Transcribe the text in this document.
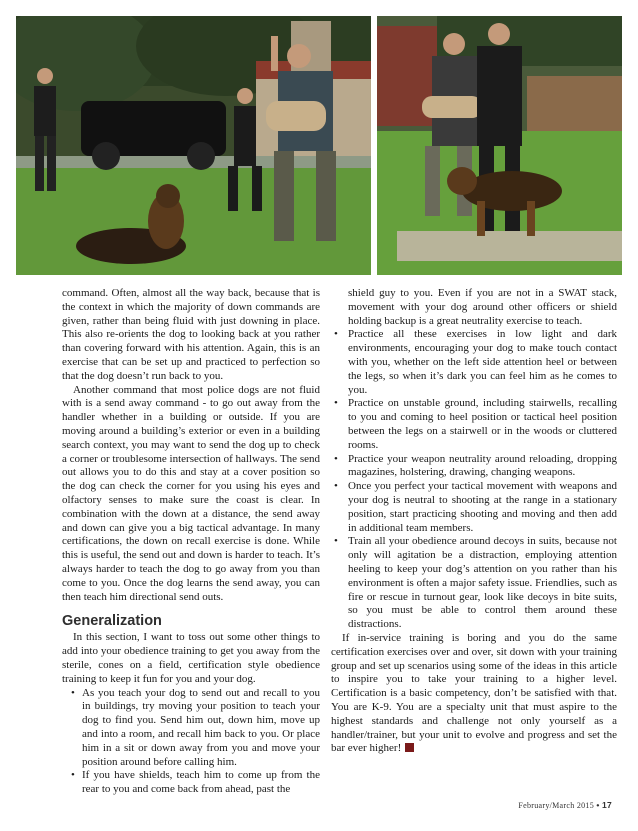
command. Often, almost all the way back, because that is the context in which the majority of down commands are given, rather than being fluid with just downing in place. This also re-orients the dog to looking back at you rather than covering forward with his attention. Again, this is an exercise that can be set up and practiced to perfection so that the dog doesn’t run back to you.

Another command that most police dogs are not fluid with is a send away command - to go out away from the handler whether in a building or outside. If you are moving around a building’s exterior or even in a building search context, you may want to send the dog up to check a corner or troublesome intersection of hallways. The send out allows you to do this and stay at a cover position so the dog can check the corner for you using his eyes and olfactory senses to make sure the coast is clear. In combination with the down at a distance, the send away and down can give you a big tactical advantage. In many certifications, the down on recall exercise is done. While this is useful, the send out and down is harder to teach. It’s always harder to teach the dog to go away from you than come to you. Once the dog learns the send away, you can then teach him directional send outs.

Generalization

In this section, I want to toss out some other things to add into your obedience training to get you away from the sterile, cones on a field, certification style obedience training to keep it fun for you and your dog.

• As you teach your dog to send out and recall to you in buildings, try moving your position to teach your dog to find you. Send him out, down him, move up and into a room, and recall him back to you. Or place him in a sit or down away from you and move your position around before calling him.
• If you have shields, teach him to come up from the rear to you and come back from ahead, past the

shield guy to you. Even if you are not in a SWAT stack, movement with your dog around other officers or shield holding backup is a great neutrality exercise to teach.

• Practice all these exercises in low light and dark environments, encouraging your dog to make touch contact with you, whether on the left side attention heel or between the legs, so when it’s dark you can feel him as he comes to you.
• Practice on unstable ground, including stairwells, recalling to you and coming to heel position or tactical heel position between the legs on a stairwell or in the woods or cluttered rooms.
• Practice your weapon neutrality around reloading, dropping magazines, holstering, drawing, changing weapons.
• Once you perfect your tactical movement with weapons and your dog is neutral to shooting at the range in a stationary position, start practicing shooting and moving and then add in additional team members.
• Train all your obedience around decoys in suits, because not only will agitation be a distraction, employing attention heeling to keep your dog’s attention on you rather than his environment is often a major safety issue. Friendlies, such as fire or rescue in turnout gear, look like decoys in bite suits, so you must be able to control them around these distractions.

If in-service training is boring and you do the same certification exercises over and over, sit down with your training group and set up scenarios using some of the ideas in this article to inspire you to take your training to a higher level. Certification is a basic competency, don’t be satisfied with that. You are K-9. You are a specialty unit that must aspire to the highest standards and challenge not only yourself as a handler/trainer, but your unit to evolve and progress and set the bar ever higher!

February/March 2015 • 17
